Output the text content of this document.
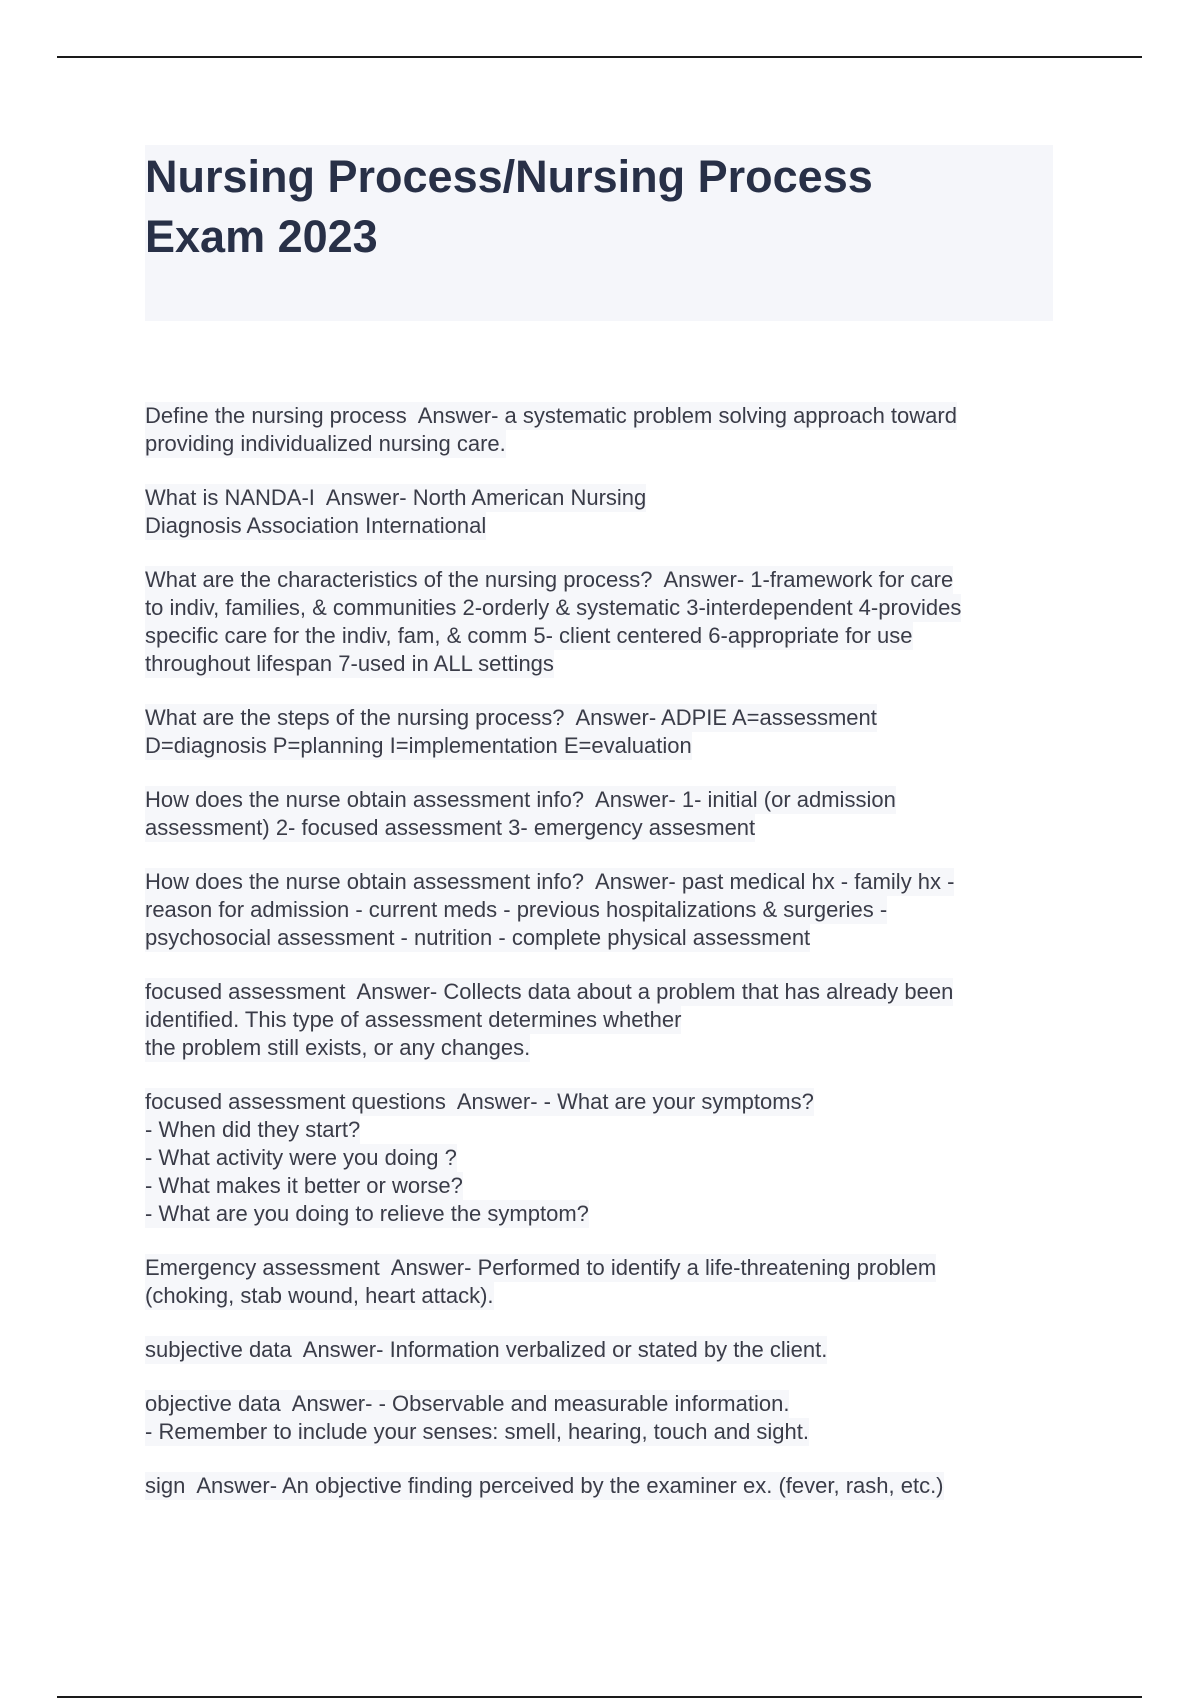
Nursing Process/Nursing Process
Exam 2023
Define the nursing process  Answer- a systematic problem solving approach toward
providing individualized nursing care.
What is NANDA-I  Answer- North American Nursing
Diagnosis Association International
What are the characteristics of the nursing process?  Answer- 1-framework for care
to indiv, families, & communities 2-orderly & systematic 3-interdependent 4-provides
specific care for the indiv, fam, & comm 5- client centered 6-appropriate for use
throughout lifespan 7-used in ALL settings
What are the steps of the nursing process?  Answer- ADPIE A=assessment
D=diagnosis P=planning I=implementation E=evaluation
How does the nurse obtain assessment info?  Answer- 1- initial (or admission
assessment) 2- focused assessment 3- emergency assesment
How does the nurse obtain assessment info?  Answer- past medical hx - family hx -
reason for admission - current meds - previous hospitalizations & surgeries -
psychosocial assessment - nutrition - complete physical assessment
focused assessment  Answer- Collects data about a problem that has already been
identified. This type of assessment determines whether
the problem still exists, or any changes.
focused assessment questions  Answer- - What are your symptoms?
- When did they start?
- What activity were you doing ?
- What makes it better or worse?
- What are you doing to relieve the symptom?
Emergency assessment  Answer- Performed to identify a life-threatening problem
(choking, stab wound, heart attack).
subjective data  Answer- Information verbalized or stated by the client.
objective data  Answer- - Observable and measurable information.
- Remember to include your senses: smell, hearing, touch and sight.
sign  Answer- An objective finding perceived by the examiner ex. (fever, rash, etc.)
